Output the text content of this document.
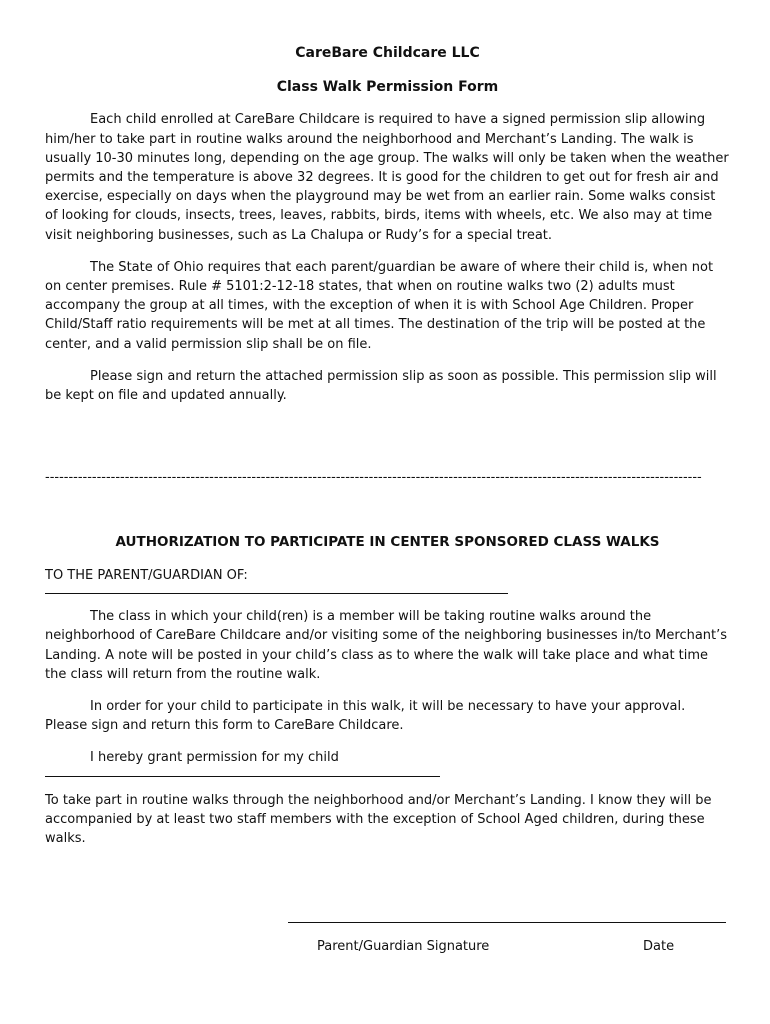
CareBare Childcare LLC

Class Walk Permission Form

Each child enrolled at CareBare Childcare is required to have a signed permission slip allowing him/her to take part in routine walks around the neighborhood and Merchant’s Landing. The walk is usually 10-30 minutes long, depending on the age group. The walks will only be taken when the weather permits and the temperature is above 32 degrees. It is good for the children to get out for fresh air and exercise, especially on days when the playground may be wet from an earlier rain. Some walks consist of looking for clouds, insects, trees, leaves, rabbits, birds, items with wheels, etc. We also may at time visit neighboring businesses, such as La Chalupa or Rudy’s for a special treat.

The State of Ohio requires that each parent/guardian be aware of where their child is, when not on center premises. Rule # 5101:2-12-18 states, that when on routine walks two (2) adults must accompany the group at all times, with the exception of when it is with School Age Children. Proper Child/Staff ratio requirements will be met at all times. The destination of the trip will be posted at the center, and a valid permission slip shall be on file.

Please sign and return the attached permission slip as soon as possible. This permission slip will be kept on file and updated annually.

--------------------------------------------------------------------------------------------------------------------------------------------

AUTHORIZATION TO PARTICIPATE IN CENTER SPONSORED CLASS WALKS

TO THE PARENT/GUARDIAN OF:

The class in which your child(ren) is a member will be taking routine walks around the neighborhood of CareBare Childcare and/or visiting some of the neighboring businesses in/to Merchant’s Landing. A note will be posted in your child’s class as to where the walk will take place and what time the class will return from the routine walk.

In order for your child to participate in this walk, it will be necessary to have your approval. Please sign and return this form to CareBare Childcare.

I hereby grant permission for my child

To take part in routine walks through the neighborhood and/or Merchant’s Landing. I know they will be accompanied by at least two staff members with the exception of School Aged children, during these walks.

Parent/Guardian Signature	Date
